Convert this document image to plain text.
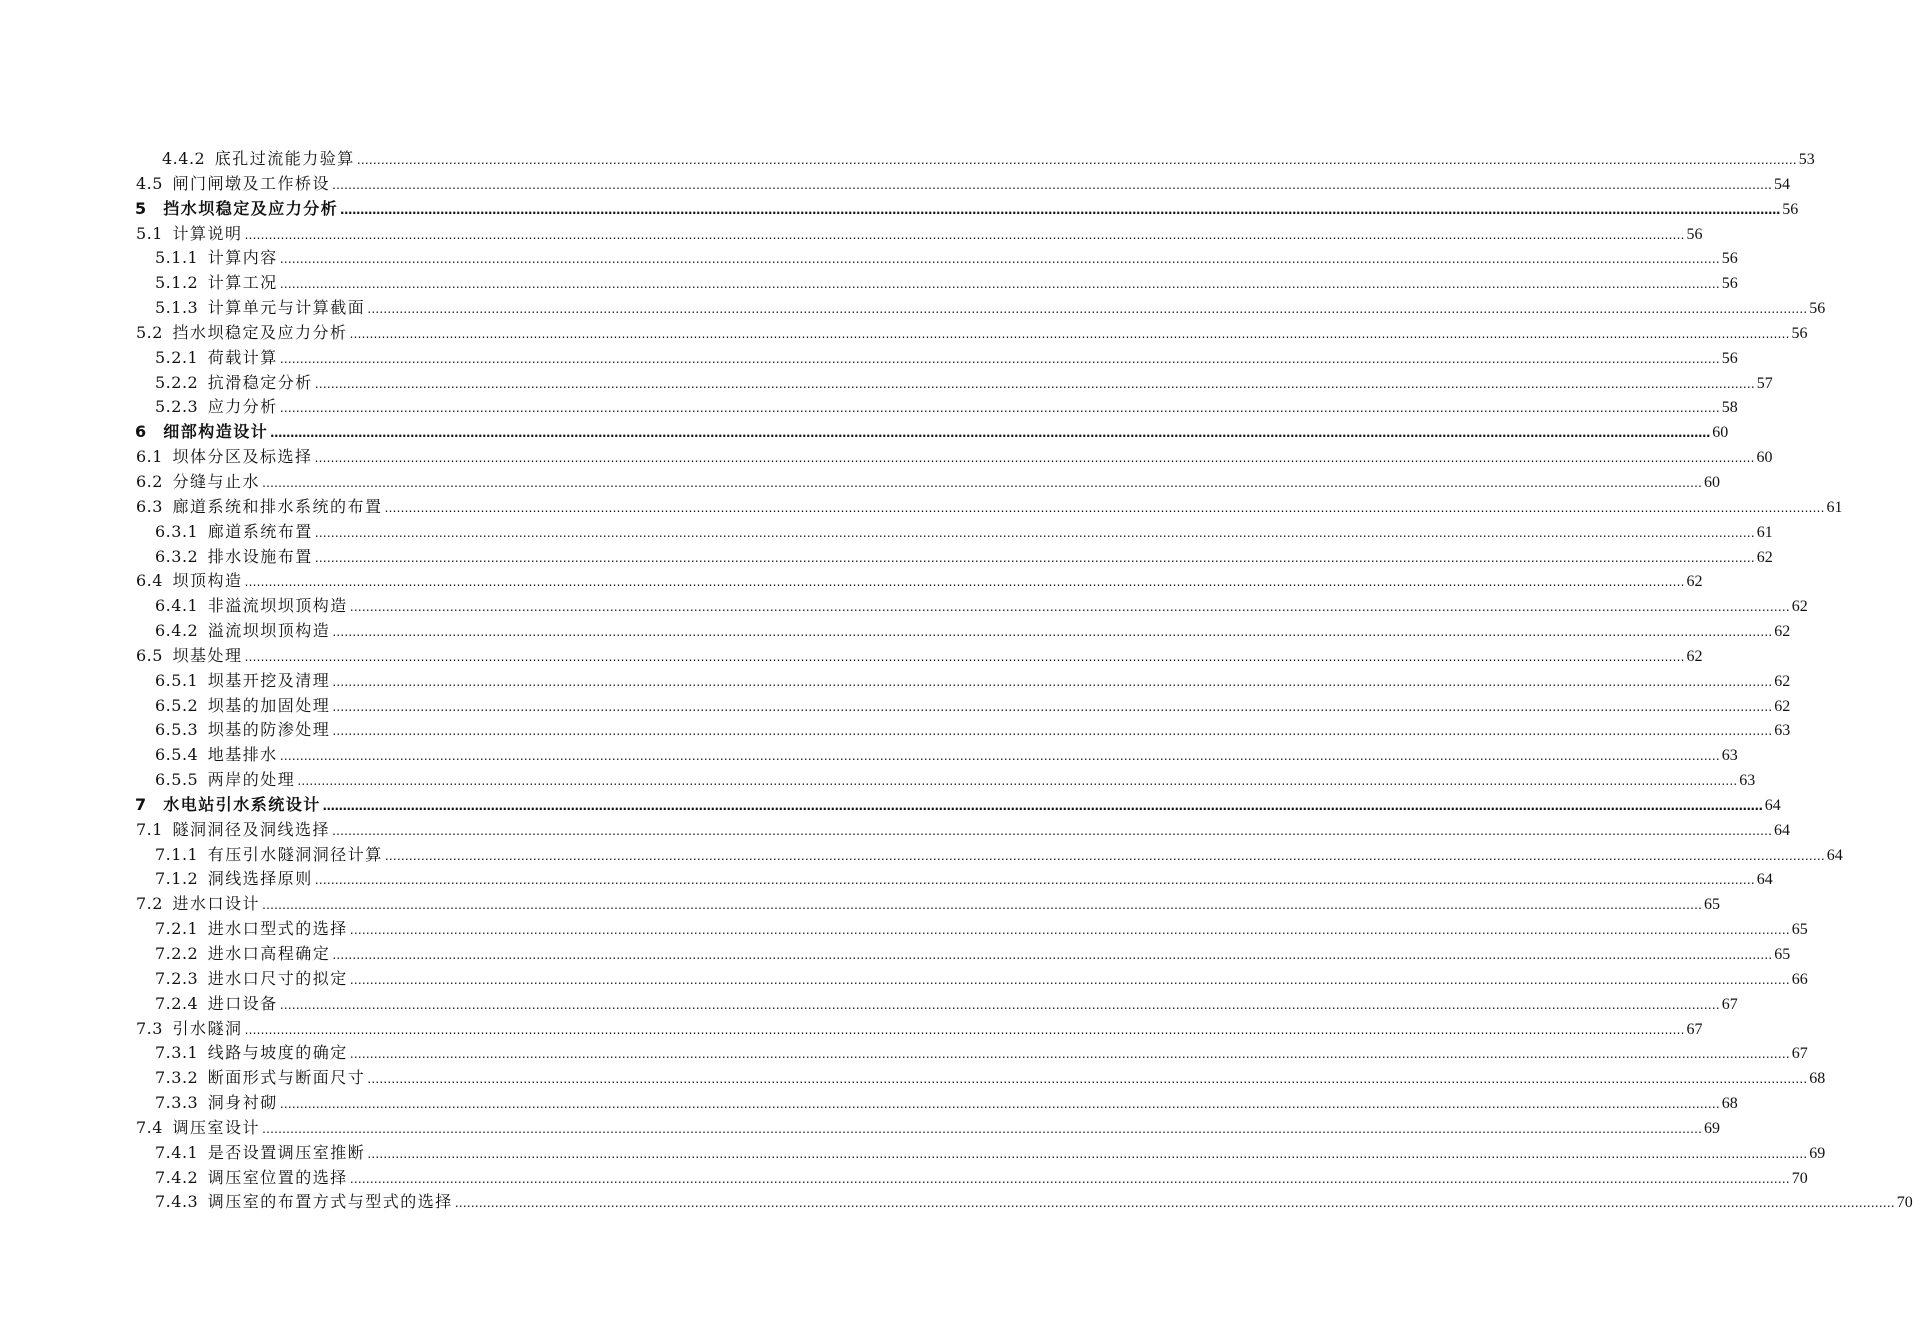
4.4.2  底孔过流能力验算 ……………………………………………………………………………………………………………………………………………………………………………………………………………………………………………………………………………………………………………………………… 53
4.5  闸门闸墩及工作桥设 ……………………………………………………………………………………………………………………………………………………………………………………………………………………………………………………………………………………………………………………………… 54
5  挡水坝稳定及应力分析 ……………………………………………………………………………………………………………………………………………………………………………………………………………………………………………………………………………………………………………………………… 56
5.1  计算说明 ……………………………………………………………………………………………………………………………………………………………………………………………………………………………………………………………………………………………………………………………… 56
5.1.1  计算内容 ……………………………………………………………………………………………………………………………………………………………………………………………………………………………………………………………………………………………………………………………… 56
5.1.2  计算工况 ……………………………………………………………………………………………………………………………………………………………………………………………………………………………………………………………………………………………………………………………… 56
5.1.3  计算单元与计算截面 ……………………………………………………………………………………………………………………………………………………………………………………………………………………………………………………………………………………………………………………………… 56
5.2  挡水坝稳定及应力分析 ……………………………………………………………………………………………………………………………………………………………………………………………………………………………………………………………………………………………………………………………… 56
5.2.1  荷载计算 ……………………………………………………………………………………………………………………………………………………………………………………………………………………………………………………………………………………………………………………………… 56
5.2.2  抗滑稳定分析 ……………………………………………………………………………………………………………………………………………………………………………………………………………………………………………………………………………………………………………………………… 57
5.2.3  应力分析 ……………………………………………………………………………………………………………………………………………………………………………………………………………………………………………………………………………………………………………………………… 58
6  细部构造设计 ……………………………………………………………………………………………………………………………………………………………………………………………………………………………………………………………………………………………………………………………… 60
6.1  坝体分区及标选择 ……………………………………………………………………………………………………………………………………………………………………………………………………………………………………………………………………………………………………………………………… 60
6.2  分缝与止水 ……………………………………………………………………………………………………………………………………………………………………………………………………………………………………………………………………………………………………………………………… 60
6.3  廊道系统和排水系统的布置 ……………………………………………………………………………………………………………………………………………………………………………………………………………………………………………………………………………………………………………………………… 61
6.3.1  廊道系统布置 ……………………………………………………………………………………………………………………………………………………………………………………………………………………………………………………………………………………………………………………………… 61
6.3.2  排水设施布置 ……………………………………………………………………………………………………………………………………………………………………………………………………………………………………………………………………………………………………………………………… 62
6.4  坝顶构造 ……………………………………………………………………………………………………………………………………………………………………………………………………………………………………………………………………………………………………………………………… 62
6.4.1  非溢流坝坝顶构造 ……………………………………………………………………………………………………………………………………………………………………………………………………………………………………………………………………………………………………………………………… 62
6.4.2  溢流坝坝顶构造 ……………………………………………………………………………………………………………………………………………………………………………………………………………………………………………………………………………………………………………………………… 62
6.5  坝基处理 ……………………………………………………………………………………………………………………………………………………………………………………………………………………………………………………………………………………………………………………………… 62
6.5.1  坝基开挖及清理 ……………………………………………………………………………………………………………………………………………………………………………………………………………………………………………………………………………………………………………………………… 62
6.5.2  坝基的加固处理 ……………………………………………………………………………………………………………………………………………………………………………………………………………………………………………………………………………………………………………………………… 62
6.5.3  坝基的防渗处理 ……………………………………………………………………………………………………………………………………………………………………………………………………………………………………………………………………………………………………………………………… 63
6.5.4  地基排水 ……………………………………………………………………………………………………………………………………………………………………………………………………………………………………………………………………………………………………………………………… 63
6.5.5  两岸的处理 ……………………………………………………………………………………………………………………………………………………………………………………………………………………………………………………………………………………………………………………………… 63
7  水电站引水系统设计 ……………………………………………………………………………………………………………………………………………………………………………………………………………………………………………………………………………………………………………………………… 64
7.1  隧洞洞径及洞线选择 ……………………………………………………………………………………………………………………………………………………………………………………………………………………………………………………………………………………………………………………………… 64
7.1.1  有压引水隧洞洞径计算 ……………………………………………………………………………………………………………………………………………………………………………………………………………………………………………………………………………………………………………………………… 64
7.1.2  洞线选择原则 ……………………………………………………………………………………………………………………………………………………………………………………………………………………………………………………………………………………………………………………………… 64
7.2  进水口设计 ……………………………………………………………………………………………………………………………………………………………………………………………………………………………………………………………………………………………………………………………… 65
7.2.1  进水口型式的选择 ……………………………………………………………………………………………………………………………………………………………………………………………………………………………………………………………………………………………………………………………… 65
7.2.2  进水口高程确定 ……………………………………………………………………………………………………………………………………………………………………………………………………………………………………………………………………………………………………………………………… 65
7.2.3  进水口尺寸的拟定 ……………………………………………………………………………………………………………………………………………………………………………………………………………………………………………………………………………………………………………………………… 66
7.2.4  进口设备 ……………………………………………………………………………………………………………………………………………………………………………………………………………………………………………………………………………………………………………………………… 67
7.3  引水隧洞 ……………………………………………………………………………………………………………………………………………………………………………………………………………………………………………………………………………………………………………………………… 67
7.3.1  线路与坡度的确定 ……………………………………………………………………………………………………………………………………………………………………………………………………………………………………………………………………………………………………………………………… 67
7.3.2  断面形式与断面尺寸 ……………………………………………………………………………………………………………………………………………………………………………………………………………………………………………………………………………………………………………………………… 68
7.3.3  洞身衬砌 ……………………………………………………………………………………………………………………………………………………………………………………………………………………………………………………………………………………………………………………………… 68
7.4  调压室设计 ……………………………………………………………………………………………………………………………………………………………………………………………………………………………………………………………………………………………………………………………… 69
7.4.1  是否设置调压室推断 ……………………………………………………………………………………………………………………………………………………………………………………………………………………………………………………………………………………………………………………………… 69
7.4.2  调压室位置的选择 ……………………………………………………………………………………………………………………………………………………………………………………………………………………………………………………………………………………………………………………………… 70
7.4.3  调压室的布置方式与型式的选择 ……………………………………………………………………………………………………………………………………………………………………………………………………………………………………………………………………………………………………………………………… 70
